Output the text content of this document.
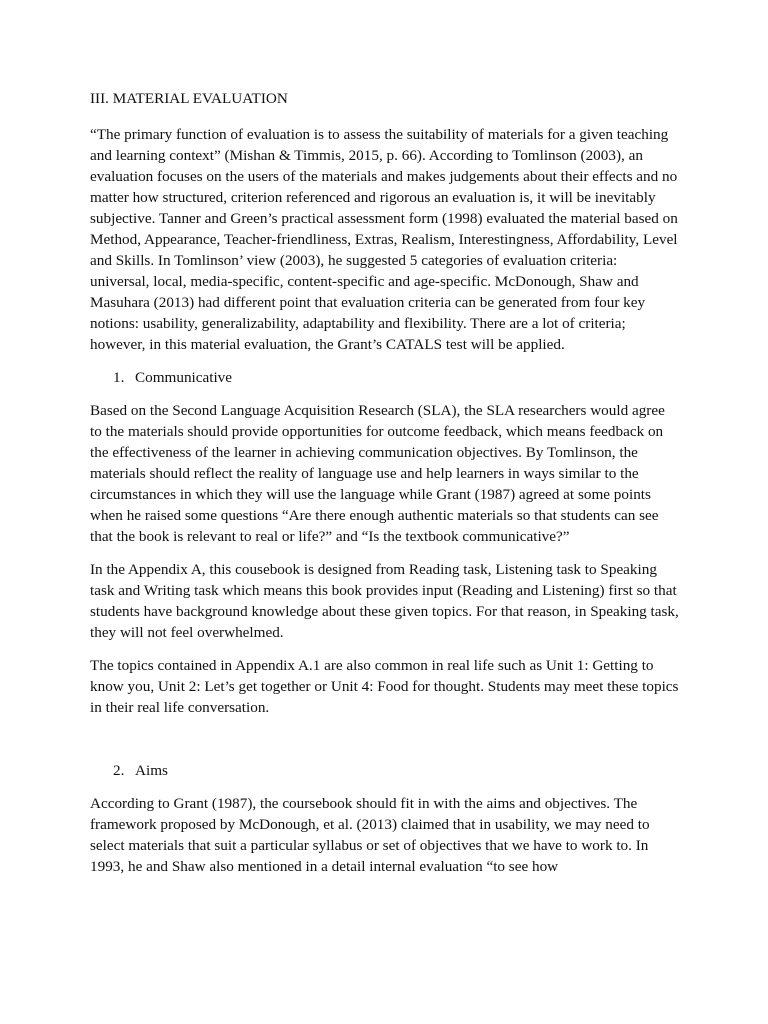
III. MATERIAL EVALUATION

“The primary function of evaluation is to assess the suitability of materials for a given teaching and learning context” (Mishan & Timmis, 2015, p. 66). According to Tomlinson (2003), an evaluation focuses on the users of the materials and makes judgements about their effects and no matter how structured, criterion referenced and rigorous an evaluation is, it will be inevitably subjective. Tanner and Green’s practical assessment form (1998) evaluated the material based on Method, Appearance, Teacher-friendliness, Extras, Realism, Interestingness, Affordability, Level and Skills. In Tomlinson’ view (2003), he suggested 5 categories of evaluation criteria: universal, local, media-specific, content-specific and age-specific. McDonough, Shaw and Masuhara (2013) had different point that evaluation criteria can be generated from four key notions: usability, generalizability, adaptability and flexibility. There are a lot of criteria; however, in this material evaluation, the Grant’s CATALS test will be applied.

1. Communicative

Based on the Second Language Acquisition Research (SLA), the SLA researchers would agree to the materials should provide opportunities for outcome feedback, which means feedback on the effectiveness of the learner in achieving communication objectives. By Tomlinson, the materials should reflect the reality of language use and help learners in ways similar to the circumstances in which they will use the language while Grant (1987) agreed at some points when he raised some questions “Are there enough authentic materials so that students can see that the book is relevant to real or life?” and “Is the textbook communicative?”

In the Appendix A, this cousebook is designed from Reading task, Listening task to Speaking task and Writing task which means this book provides input (Reading and Listening) first so that students have background knowledge about these given topics. For that reason, in Speaking task, they will not feel overwhelmed.

The topics contained in Appendix A.1 are also common in real life such as Unit 1: Getting to know you, Unit 2: Let’s get together or Unit 4: Food for thought. Students may meet these topics in their real life conversation.

2. Aims

According to Grant (1987), the coursebook should fit in with the aims and objectives. The framework proposed by McDonough, et al. (2013) claimed that in usability, we may need to select materials that suit a particular syllabus or set of objectives that we have to work to. In 1993, he and Shaw also mentioned in a detail internal evaluation “to see how
